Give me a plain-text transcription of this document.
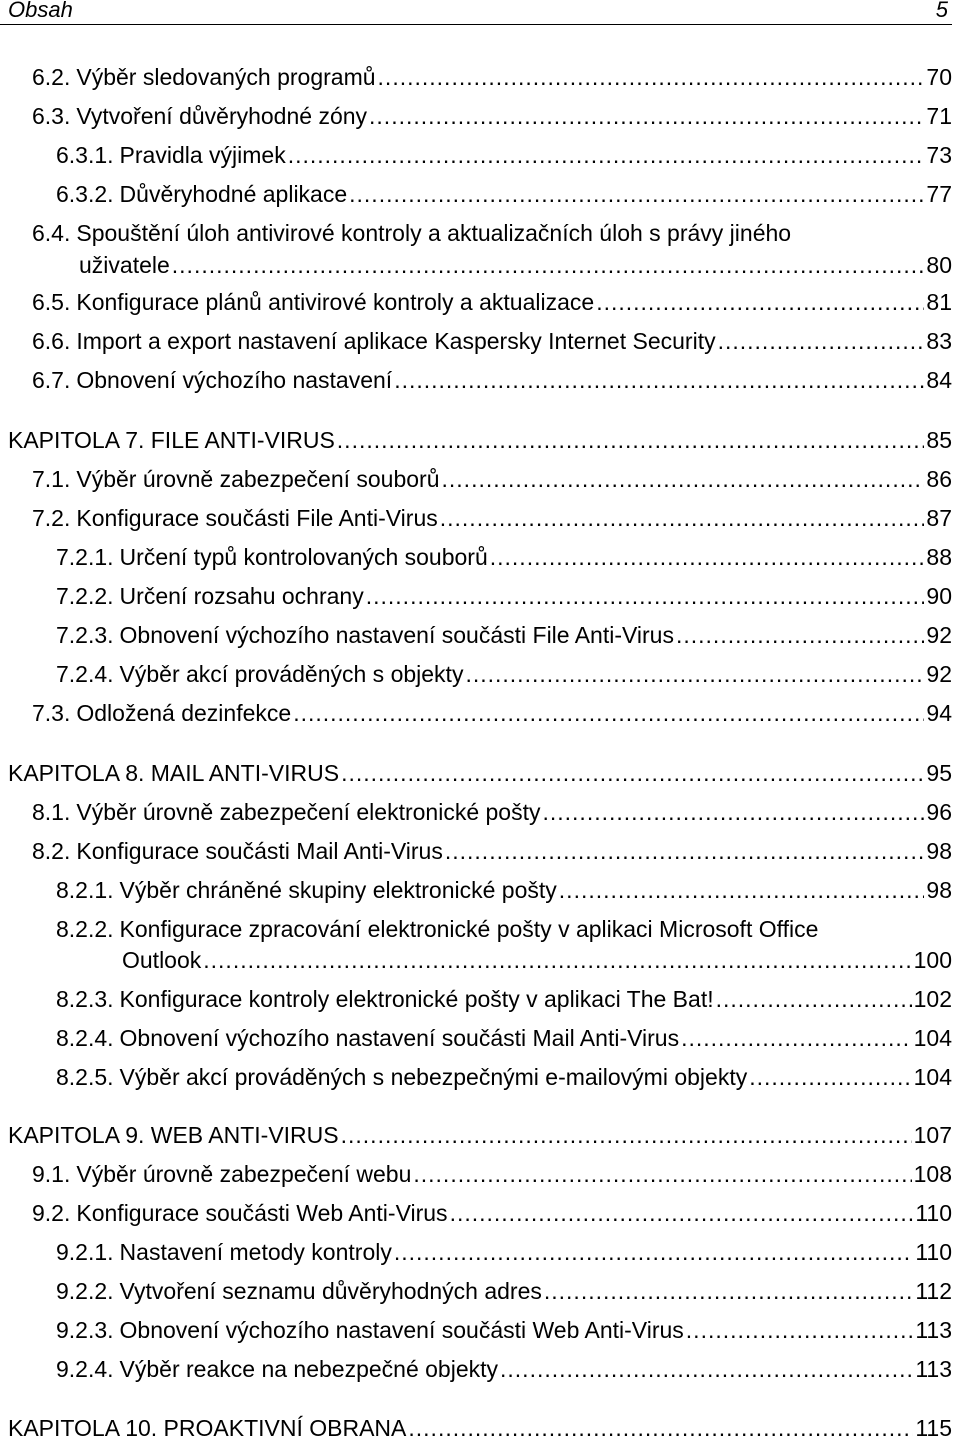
Obsah	5
6.2. Výběr sledovaných programů .....	70
6.3. Vytvoření důvěryhodné zóny .....	71
6.3.1. Pravidla výjimek .....	73
6.3.2. Důvěryhodné aplikace .....	77
6.4. Spouštění úloh antivirové kontroly a aktualizačních úloh s právy jiného
uživatele .....	80
6.5. Konfigurace plánů antivirové kontroly a aktualizace .....	81
6.6. Import a export nastavení aplikace Kaspersky Internet Security .....	83
6.7. Obnovení výchozího nastavení .....	84
KAPITOLA 7. FILE ANTI-VIRUS .....	85
7.1. Výběr úrovně zabezpečení souborů .....	86
7.2. Konfigurace součásti File Anti-Virus .....	87
7.2.1. Určení typů kontrolovaných souborů .....	88
7.2.2. Určení rozsahu ochrany .....	90
7.2.3. Obnovení výchozího nastavení součásti File Anti-Virus .....	92
7.2.4. Výběr akcí prováděných s objekty .....	92
7.3. Odložená dezinfekce .....	94
KAPITOLA 8. MAIL ANTI-VIRUS .....	95
8.1. Výběr úrovně zabezpečení elektronické pošty .....	96
8.2. Konfigurace součásti Mail Anti-Virus .....	98
8.2.1. Výběr chráněné skupiny elektronické pošty .....	98
8.2.2. Konfigurace zpracování elektronické pošty v aplikaci Microsoft Office
Outlook .....	100
8.2.3. Konfigurace kontroly elektronické pošty v aplikaci The Bat! .....	102
8.2.4. Obnovení výchozího nastavení součásti Mail Anti-Virus .....	104
8.2.5. Výběr akcí prováděných s nebezpečnými e-mailovými objekty .....	104
KAPITOLA 9. WEB ANTI-VIRUS .....	107
9.1. Výběr úrovně zabezpečení webu .....	108
9.2. Konfigurace součásti Web Anti-Virus .....	110
9.2.1. Nastavení metody kontroly .....	110
9.2.2. Vytvoření seznamu důvěryhodných adres .....	112
9.2.3. Obnovení výchozího nastavení součásti Web Anti-Virus .....	113
9.2.4. Výběr reakce na nebezpečné objekty .....	113
KAPITOLA 10. PROAKTIVNÍ OBRANA .....	115
